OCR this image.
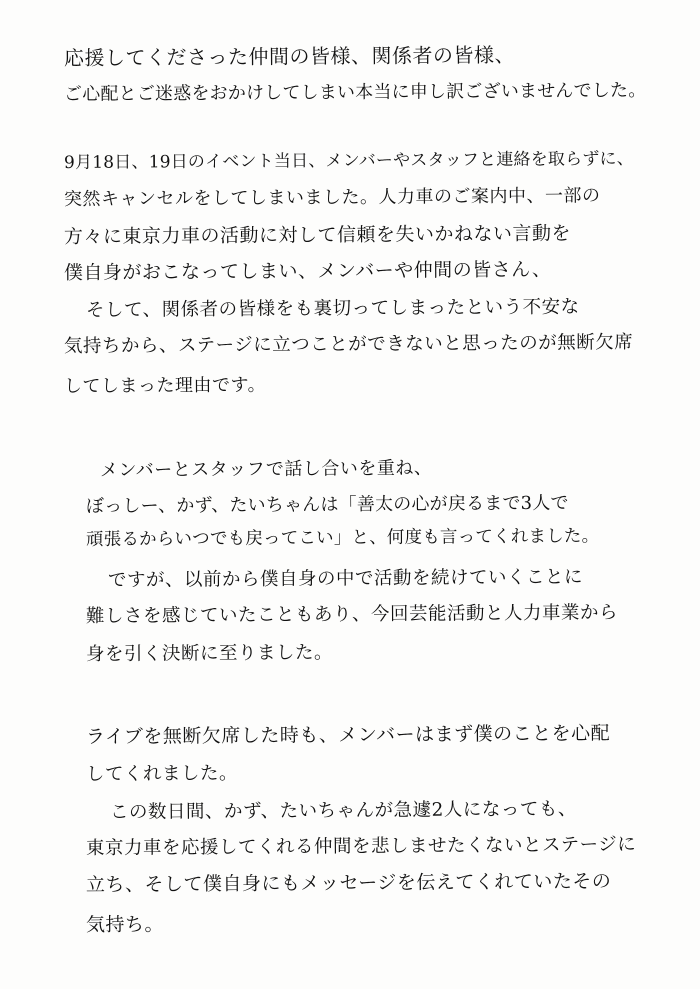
応援してくださった仲間の皆様、関係者の皆様、
ご心配とご迷惑をおかけしてしまい本当に申し訳ございませんでした。
9月18日、19日のイベント当日、メンバーやスタッフと連絡を取らずに、
突然キャンセルをしてしまいました。人力車のご案内中、一部の
方々に東京力車の活動に対して信頼を失いかねない言動を
僕自身がおこなってしまい、メンバーや仲間の皆さん、
そして、関係者の皆様をも裏切ってしまったという不安な
気持ちから、ステージに立つことができないと思ったのが無断欠席
してしまった理由です。
メンバーとスタッフで話し合いを重ね、
ぼっしー、かず、たいちゃんは「善太の心が戻るまで3人で
頑張るからいつでも戻ってこい」と、何度も言ってくれました。
ですが、以前から僕自身の中で活動を続けていくことに
難しさを感じていたこともあり、今回芸能活動と人力車業から
身を引く決断に至りました。
ライブを無断欠席した時も、メンバーはまず僕のことを心配
してくれました。
この数日間、かず、たいちゃんが急遽2人になっても、
東京力車を応援してくれる仲間を悲しませたくないとステージに
立ち、そして僕自身にもメッセージを伝えてくれていたその
気持ち。
